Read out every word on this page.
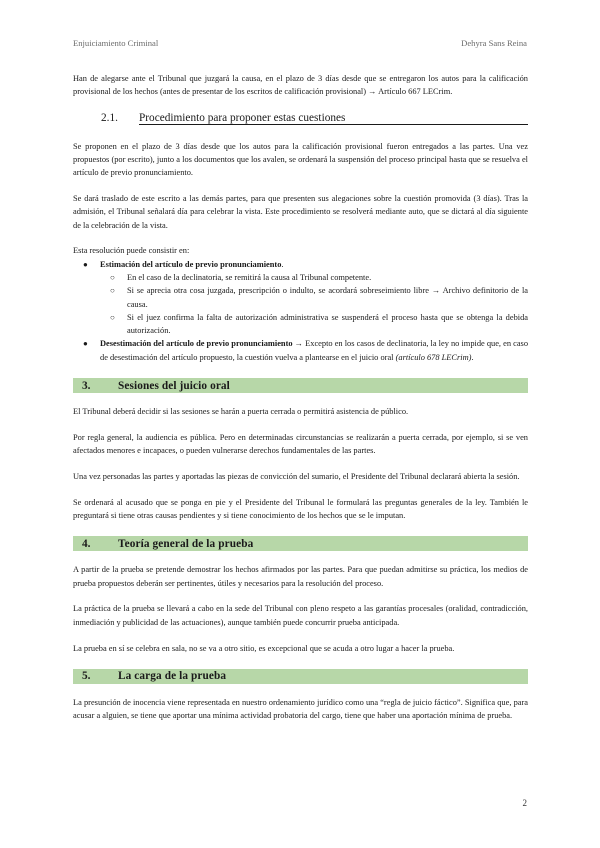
Enjuiciamiento Criminal	Dehyra Sans Reina

Han de alegarse ante el Tribunal que juzgará la causa, en el plazo de 3 días desde que se entregaron los autos para la calificación provisional de los hechos (antes de presentar de los escritos de calificación provisional) → Artículo 667 LECrim.

2.1.	Procedimiento para proponer estas cuestiones

Se proponen en el plazo de 3 días desde que los autos para la calificación provisional fueron entregados a las partes. Una vez propuestos (por escrito), junto a los documentos que los avalen, se ordenará la suspensión del proceso principal hasta que se resuelva el artículo de previo pronunciamiento.

Se dará traslado de este escrito a las demás partes, para que presenten sus alegaciones sobre la cuestión promovida (3 días). Tras la admisión, el Tribunal señalará día para celebrar la vista. Este procedimiento se resolverá mediante auto, que se dictará al día siguiente de la celebración de la vista.

Esta resolución puede consistir en:

● Estimación del artículo de previo pronunciamiento.
○ En el caso de la declinatoria, se remitirá la causa al Tribunal competente.
○ Si se aprecia otra cosa juzgada, prescripción o indulto, se acordará sobreseimiento libre → Archivo definitorio de la causa.
○ Si el juez confirma la falta de autorización administrativa se suspenderá el proceso hasta que se obtenga la debida autorización.
● Desestimación del artículo de previo pronunciamiento → Excepto en los casos de declinatoria, la ley no impide que, en caso de desestimación del artículo propuesto, la cuestión vuelva a plantearse en el juicio oral (artículo 678 LECrim).
3.	Sesiones del juicio oral

El Tribunal deberá decidir si las sesiones se harán a puerta cerrada o permitirá asistencia de público.

Por regla general, la audiencia es pública. Pero en determinadas circunstancias se realizarán a puerta cerrada, por ejemplo, si se ven afectados menores e incapaces, o pueden vulnerarse derechos fundamentales de las partes.

Una vez personadas las partes y aportadas las piezas de convicción del sumario, el Presidente del Tribunal declarará abierta la sesión.

Se ordenará al acusado que se ponga en pie y el Presidente del Tribunal le formulará las preguntas generales de la ley. También le preguntará si tiene otras causas pendientes y si tiene conocimiento de los hechos que se le imputan.

4.	Teoría general de la prueba

A partir de la prueba se pretende demostrar los hechos afirmados por las partes. Para que puedan admitirse su práctica, los medios de prueba propuestos deberán ser pertinentes, útiles y necesarios para la resolución del proceso.

La práctica de la prueba se llevará a cabo en la sede del Tribunal con pleno respeto a las garantías procesales (oralidad, contradicción, inmediación y publicidad de las actuaciones), aunque también puede concurrir prueba anticipada.

La prueba en sí se celebra en sala, no se va a otro sitio, es excepcional que se acuda a otro lugar a hacer la prueba.

5.	La carga de la prueba

La presunción de inocencia viene representada en nuestro ordenamiento jurídico como una “regla de juicio fáctico”. Significa que, para acusar a alguien, se tiene que aportar una mínima actividad probatoria del cargo, tiene que haber una aportación mínima de prueba.

2
